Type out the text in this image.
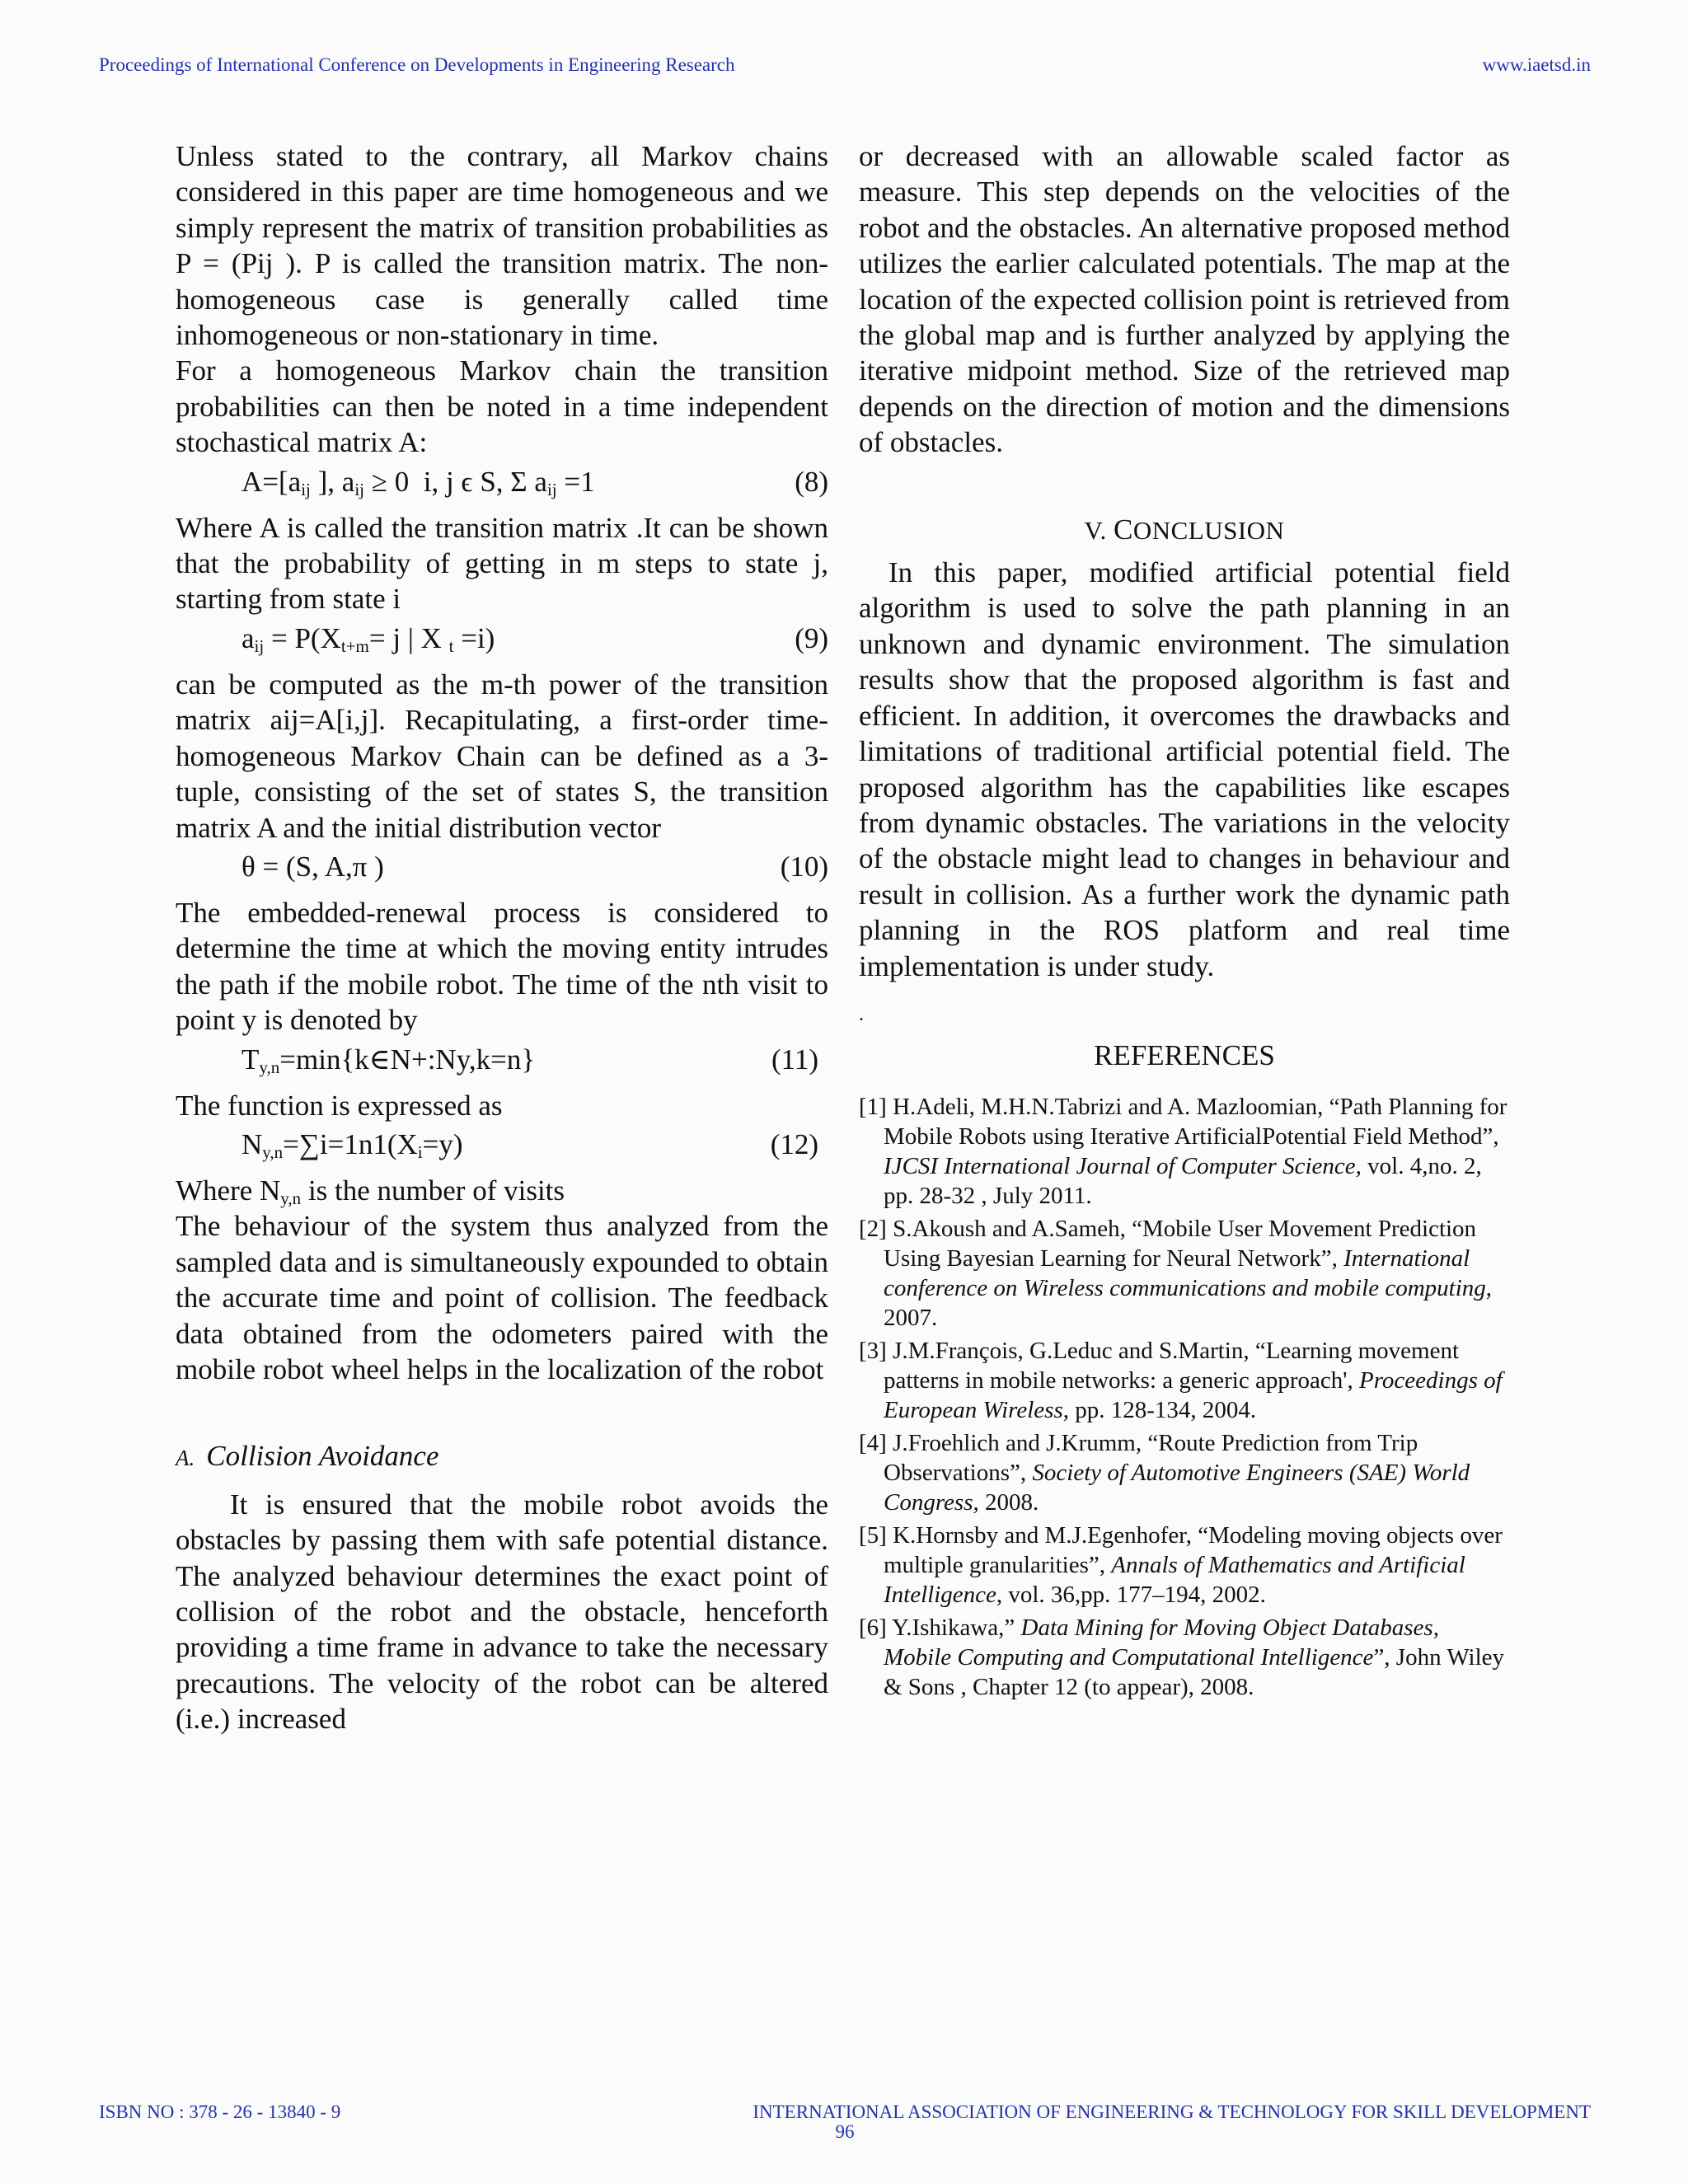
Proceedings of International Conference on Developments in Engineering Research	www.iaetsd.in

Unless stated to the contrary, all Markov chains considered in this paper are time homogeneous and we simply represent the matrix of transition probabilities as P = (Pij ). P is called the transition matrix. The non-homogeneous case is generally called time inhomogeneous or non-stationary in time.

For a homogeneous Markov chain the transition probabilities can then be noted in a time independent stochastical matrix A:

$A=[a_{ij}$ ], $a_{ij} \ge 0$  i, j ϵ S, Σ $a_{ij} =1$	(8)

Where A is called the transition matrix .It can be shown that the probability of getting in m steps to state j, starting from state i

$a_{ij} = P(X_{t+m}= j$ | X $_t$ =i)	(9)

can be computed as the m-th power of the transition matrix aij=A[i,j]. Recapitulating, a first-order time-homogeneous Markov Chain can be defined as a 3-tuple, consisting of the set of states S, the transition matrix A and the initial distribution vector

θ = (S, A,π )	(10)

The embedded-renewal process is considered to determine the time at which the moving entity intrudes the path if the mobile robot. The time of the nth visit to point y is denoted by

$T_{y,n}=\min\{k\in N+:Ny,k=n\}$	(11)

The function is expressed as

$N_{y,n}=\sum i=1n1(X_i=y)$	(12)

Where $N_{y,n}$ is the number of visits

The behaviour of the system thus analyzed from the sampled data and is simultaneously expounded to obtain the accurate time and point of collision. The feedback data obtained from the odometers paired with the mobile robot wheel helps in the localization of the robot

A. Collision Avoidance

It is ensured that the mobile robot avoids the obstacles by passing them with safe potential distance. The analyzed behaviour determines the exact point of collision of the robot and the obstacle, henceforth providing a time frame in advance to take the necessary precautions. The velocity of the robot can be altered (i.e.) increased

or decreased with an allowable scaled factor as measure. This step depends on the velocities of the robot and the obstacles. An alternative proposed method utilizes the earlier calculated potentials. The map at the location of the expected collision point is retrieved from the global map and is further analyzed by applying the iterative midpoint method. Size of the retrieved map depends on the direction of motion and the dimensions of obstacles.

V. CONCLUSION

In this paper, modified artificial potential field algorithm is used to solve the path planning in an unknown and dynamic environment. The simulation results show that the proposed algorithm is fast and efficient. In addition, it overcomes the drawbacks and limitations of traditional artificial potential field. The proposed algorithm has the capabilities like escapes from dynamic obstacles. The variations in the velocity of the obstacle might lead to changes in behaviour and result in collision. As a further work the dynamic path planning in the ROS platform and real time implementation is under study.

.

REFERENCES

[1] H.Adeli, M.H.N.Tabrizi and A. Mazloomian, “Path Planning for Mobile Robots using Iterative ArtificialPotential Field Method”, IJCSI International Journal of Computer Science, vol. 4,no. 2, pp. 28-32 , July 2011.

[2] S.Akoush and A.Sameh, “Mobile User Movement Prediction Using Bayesian Learning for Neural Network”, International conference on Wireless communications and mobile computing, 2007.

[3] J.M.François, G.Leduc and S.Martin, “Learning movement patterns in mobile networks: a generic approach', Proceedings of European Wireless, pp. 128-134, 2004.

[4] J.Froehlich and J.Krumm, “Route Prediction from Trip Observations”, Society of Automotive Engineers (SAE) World Congress, 2008.

[5] K.Hornsby and M.J.Egenhofer, “Modeling moving objects over multiple granularities”, Annals of Mathematics and Artificial Intelligence, vol. 36,pp. 177–194, 2002.

[6] Y.Ishikawa,” Data Mining for Moving Object Databases, Mobile Computing and Computational Intelligence”, John Wiley & Sons , Chapter 12 (to appear), 2008.

ISBN NO : 378 - 26 - 13840 - 9	INTERNATIONAL ASSOCIATION OF ENGINEERING & TECHNOLOGY FOR SKILL DEVELOPMENT
96
